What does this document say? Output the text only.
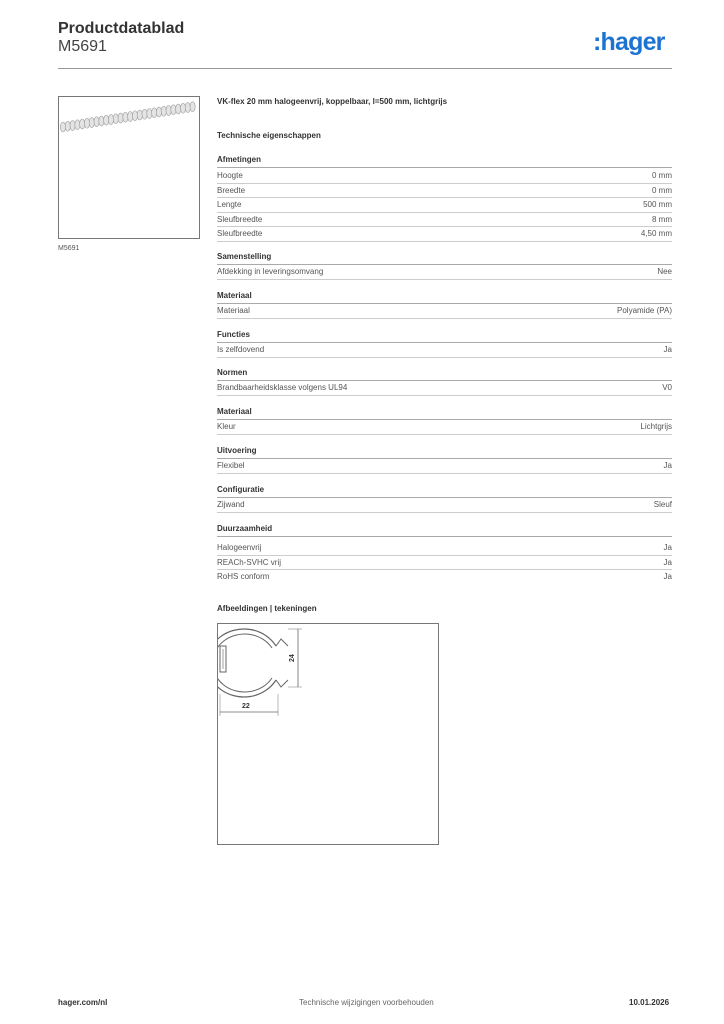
Productdatablad
M5691	:hager
M5691
VK-flex 20 mm halogeenvrij, koppelbaar, l=500 mm, lichtgrijs
Technische eigenschappen
Afmetingen
Hoogte	0 mm
Breedte	0 mm
Lengte	500 mm
Sleufbreedte	8 mm
Sleufbreedte	4,50 mm
Samenstelling
Afdekking in leveringsomvang	Nee
Materiaal
Materiaal	Polyamide (PA)
Functies
Is zelfdovend	Ja
Normen
Brandbaarheidsklasse volgens UL94	V0
Materiaal
Kleur	Lichtgrijs
Uitvoering
Flexibel	Ja
Configuratie
Zijwand	Sleuf
Duurzaamheid
Halogeenvrij	Ja
REACh-SVHC vrij	Ja
RoHS conform	Ja
Afbeeldingen | tekeningen
24
22
hager.com/nl	Technische wijzigingen voorbehouden	10.01.2026
